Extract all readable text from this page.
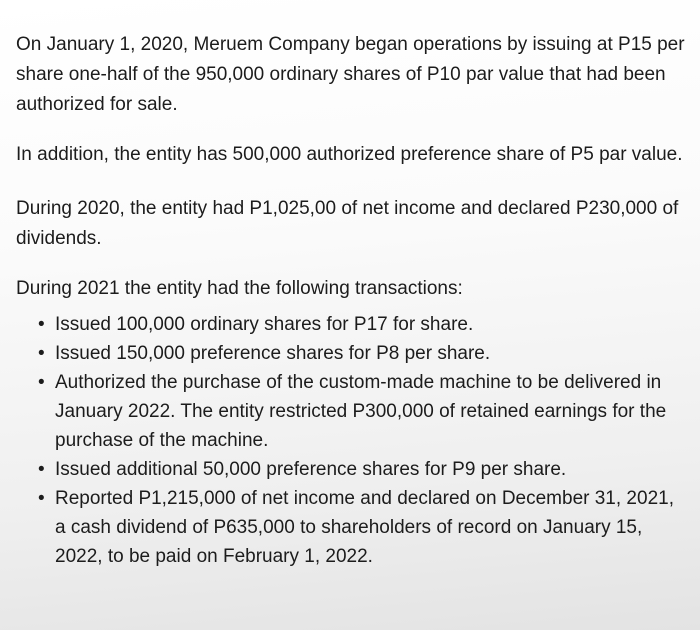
On January 1, 2020, Meruem Company began operations by issuing at P15 per share one-half of the 950,000 ordinary shares of P10 par value that had been authorized for sale.

In addition, the entity has 500,000 authorized preference share of P5 par value.

During 2020, the entity had P1,025,00 of net income and declared P230,000 of dividends.

During 2021 the entity had the following transactions:

• Issued 100,000 ordinary shares for P17 for share.
• Issued 150,000 preference shares for P8 per share.
• Authorized the purchase of the custom-made machine to be delivered in January 2022. The entity restricted P300,000 of retained earnings for the purchase of the machine.
• Issued additional 50,000 preference shares for P9 per share.
• Reported P1,215,000 of net income and declared on December 31, 2021, a cash dividend of P635,000 to shareholders of record on January 15, 2022, to be paid on February 1, 2022.
